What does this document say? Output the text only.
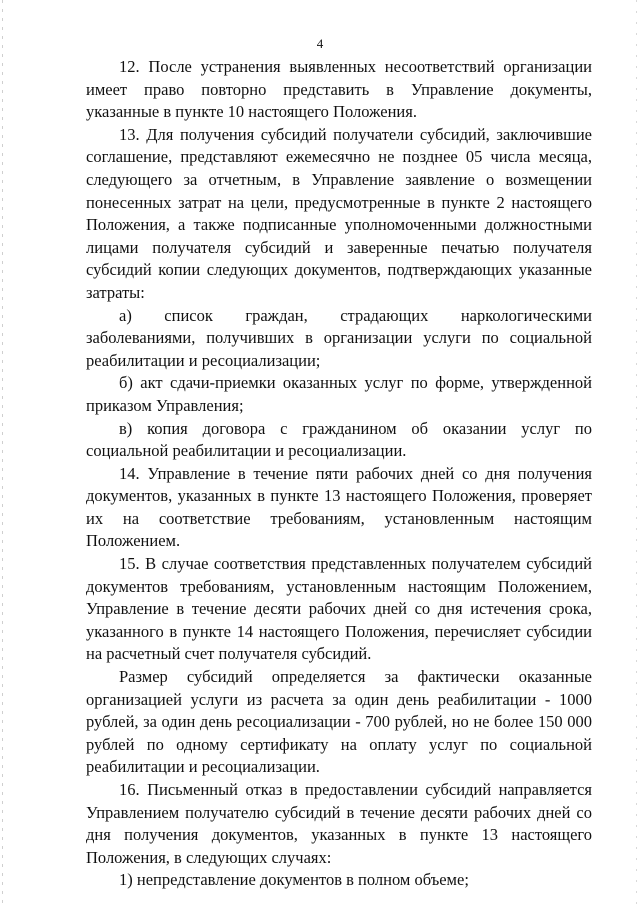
4

12. После устранения выявленных несоответствий организации имеет право повторно представить в Управление документы, указанные в пункте 10 настоящего Положения.

13. Для получения субсидий получатели субсидий, заключившие соглашение, представляют ежемесячно не позднее 05 числа месяца, следующего за отчетным, в Управление заявление о возмещении понесенных затрат на цели, предусмотренные в пункте 2 настоящего Положения, а также подписанные уполномоченными должностными лицами получателя субсидий и заверенные печатью получателя субсидий копии следующих документов, подтверждающих указанные затраты:

а) список граждан, страдающих наркологическими заболеваниями, получивших в организации услуги по социальной реабилитации и ресоциализации;

б) акт сдачи-приемки оказанных услуг по форме, утвержденной приказом Управления;

в) копия договора с гражданином об оказании услуг по социальной реабилитации и ресоциализации.

14. Управление в течение пяти рабочих дней со дня получения документов, указанных в пункте 13 настоящего Положения, проверяет их на соответствие требованиям, установленным настоящим Положением.

15. В случае соответствия представленных получателем субсидий документов требованиям, установленным настоящим Положением, Управление в течение десяти рабочих дней со дня истечения срока, указанного в пункте 14 настоящего Положения, перечисляет субсидии на расчетный счет получателя субсидий.

Размер субсидий определяется за фактически оказанные организацией услуги из расчета за один день реабилитации - 1000 рублей, за один день ресоциализации - 700 рублей, но не более 150 000 рублей по одному сертификату на оплату услуг по социальной реабилитации и ресоциализации.

16. Письменный отказ в предоставлении субсидий направляется Управлением получателю субсидий в течение десяти рабочих дней со дня получения документов, указанных в пункте 13 настоящего Положения, в следующих случаях:

1) непредставление документов в полном объеме;
